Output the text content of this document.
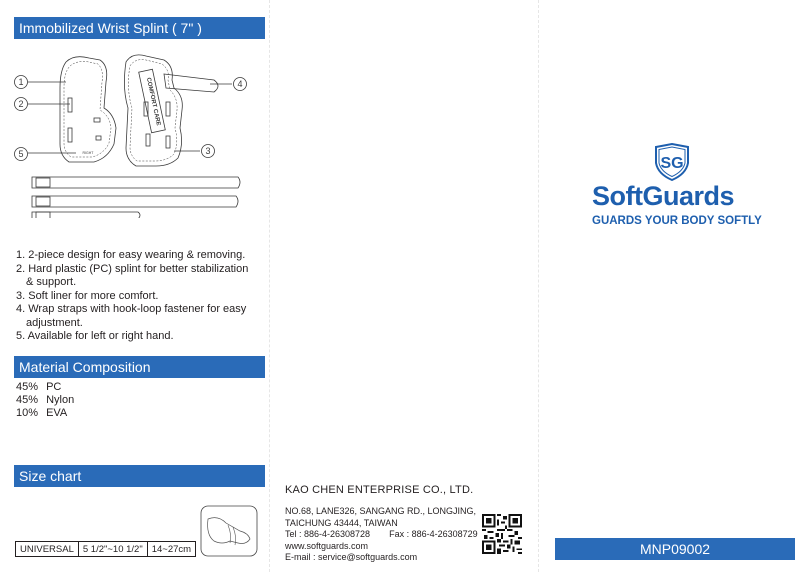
Immobilized Wrist Splint ( 7" )
1
2
5
4
3
COMFORT CARE
RIGHT
1. 2-piece design for easy wearing & removing.
2. Hard plastic (PC) splint for better stabilization & support.
3. Soft liner for more comfort.
4. Wrap straps with hook-loop fastener for easy adjustment.
5. Available for left or right hand.
Material Composition
45% PC
45% Nylon
10% EVA
Size chart
UNIVERSAL	5 1/2"~10 1/2"	14~27cm
KAO CHEN ENTERPRISE CO., LTD.
NO.68, LANE326, SANGANG RD., LONGJING,
TAICHUNG 43444, TAIWAN
Tel : 886-4-26308728 Fax : 886-4-26308729
www.softguards.com
E-mail : service@softguards.com
SG
SoftGuards
GUARDS YOUR BODY SOFTLY
MNP09002
